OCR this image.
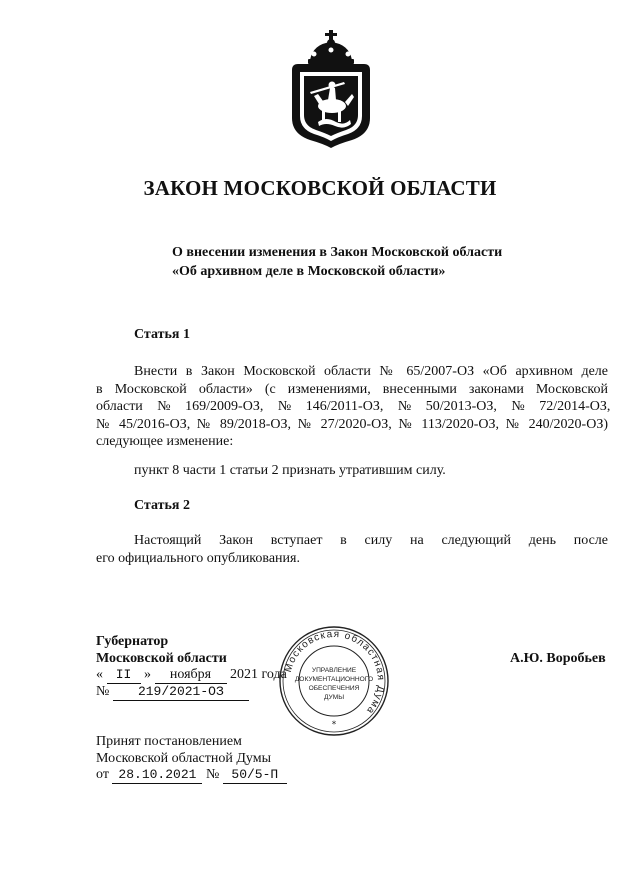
ЗАКОН МОСКОВСКОЙ ОБЛАСТИ
О внесении изменения в Закон Московской области
«Об архивном деле в Московской области»
Статья 1
Внести в Закон Московской области № 65/2007-ОЗ «Об архивном деле
в Московской области» (с изменениями, внесенными законами Московской
области № 169/2009-ОЗ, № 146/2011-ОЗ, № 50/2013-ОЗ, № 72/2014-ОЗ,
№ 45/2016-ОЗ, № 89/2018-ОЗ, № 27/2020-ОЗ, № 113/2020-ОЗ, № 240/2020-ОЗ)
следующее изменение:
пункт 8 части 1 статьи 2 признать утратившим силу.
Статья 2
Настоящий Закон вступает в силу на следующий день после
его официального опубликования.
Губернатор
Московской области	А.Ю. Воробьев
« II » ноября 2021 года
№ 219/2021-ОЗ
Московская областная Дума
*
УПРАВЛЕНИЕ
ДОКУМЕНТАЦИОННОГО
ОБЕСПЕЧЕНИЯ
ДУМЫ
Принят постановлением
Московской областной Думы
от 28.10.2021 № 50/5-П
